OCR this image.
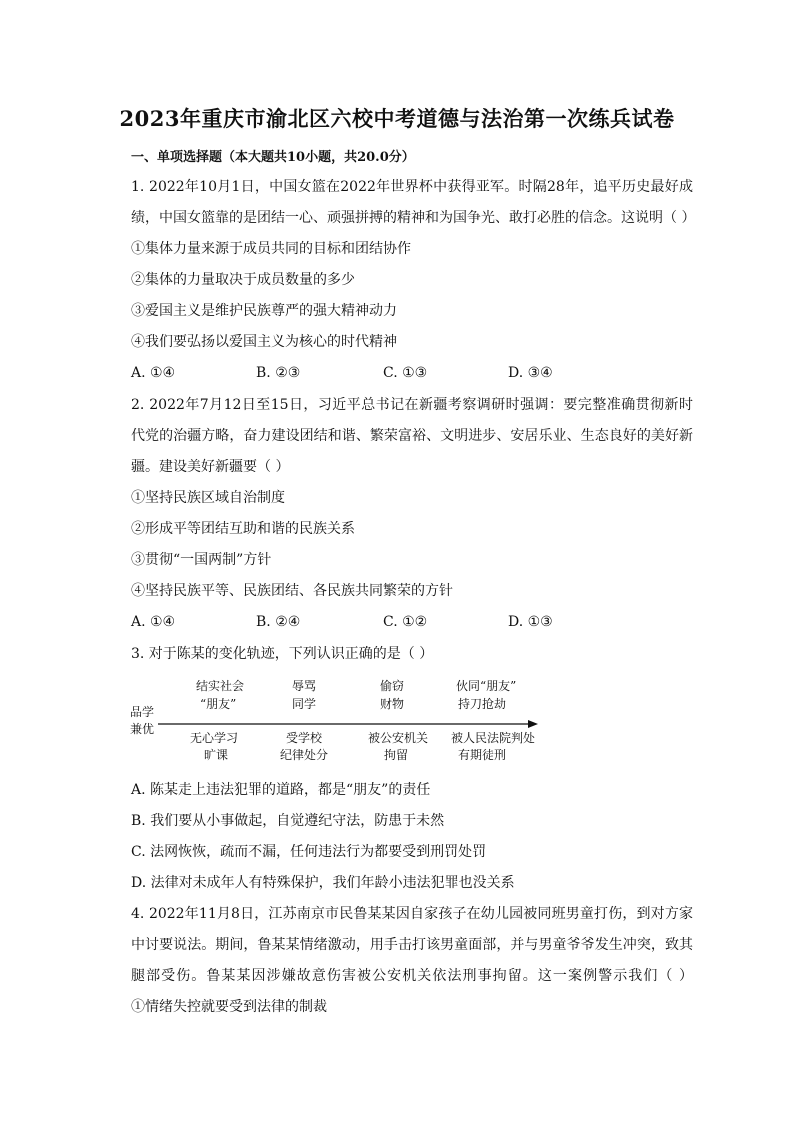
2023年重庆市渝北区六校中考道德与法治第一次练兵试卷
一、单项选择题（本大题共10小题，共20.0分）
1. 2022年10月1日，中国女篮在2022年世界杯中获得亚军。时隔28年，追平历史最好成
绩，中国女篮靠的是团结一心、顽强拼搏的精神和为国争光、敢打必胜的信念。这说明（ ）
①集体力量来源于成员共同的目标和团结协作
②集体的力量取决于成员数量的多少
③爱国主义是维护民族尊严的强大精神动力
④我们要弘扬以爱国主义为核心的时代精神
A. ①④	B. ②③	C. ①③	D. ③④
2. 2022年7月12日至15日，习近平总书记在新疆考察调研时强调：要完整准确贯彻新时
代党的治疆方略，奋力建设团结和谐、繁荣富裕、文明进步、安居乐业、生态良好的美好新
疆。建设美好新疆要（ ）
①坚持民族区域自治制度
②形成平等团结互助和谐的民族关系
③贯彻“一国两制”方针
④坚持民族平等、民族团结、各民族共同繁荣的方针
A. ①④	B. ②④	C. ①②	D. ①③
3. 对于陈某的变化轨迹，下列认识正确的是（ ）
品学
兼优
结实社会
“朋友”
无心学习
旷课
辱骂
同学
受学校
纪律处分
偷窃
财物
被公安机关
拘留
伙同“朋友”
持刀抢劫
被人民法院判处
有期徒刑
A. 陈某走上违法犯罪的道路，都是“朋友”的责任
B. 我们要从小事做起，自觉遵纪守法，防患于未然
C. 法网恢恢，疏而不漏，任何违法行为都要受到刑罚处罚
D. 法律对未成年人有特殊保护，我们年龄小违法犯罪也没关系
4. 2022年11月8日，江苏南京市民鲁某某因自家孩子在幼儿园被同班男童打伤，到对方家
中讨要说法。期间，鲁某某情绪激动，用手击打该男童面部，并与男童爷爷发生冲突，致其
腿部受伤。鲁某某因涉嫌故意伤害被公安机关依法刑事拘留。这一案例警示我们（ ）
①情绪失控就要受到法律的制裁
